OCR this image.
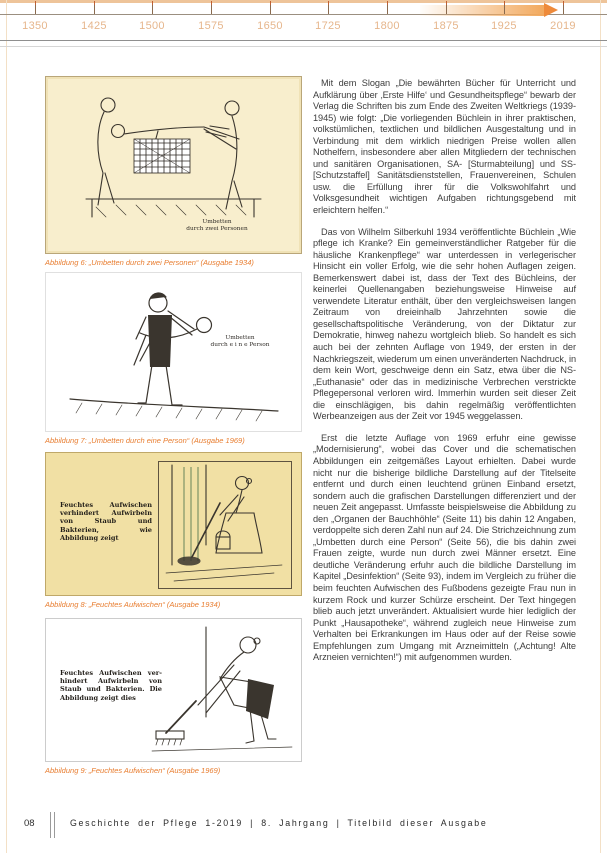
1350	1425	1500	1575	1650	1725	1800	1875	1925	2019
Umbetten
durch zwei Personen
Abbildung 6: „Umbetten durch zwei Personen“ (Ausgabe 1934)
Umbetten
durch e i n e Person
Abbildung 7: „Umbetten durch eine Person“ (Ausgabe 1969)
Feuchtes Aufwischen verhindert Aufwirbeln von Staub und Bakterien, wie Abbildung zeigt
Abbildung 8: „Feuchtes Aufwischen“ (Ausgabe 1934)
Feuchtes Aufwischen verhindert Aufwirbeln von Staub und Bakterien. Die Abbildung zeigt dies
Abbildung 9: „Feuchtes Aufwischen“ (Ausgabe 1969)

Mit dem Slogan „Die bewährten Bücher für Unterricht und Aufklärung über ‚Erste Hilfe‘ und Gesundheitspflege“ bewarb der Verlag die Schriften bis zum Ende des Zweiten Weltkriegs (1939-1945) wie folgt: „Die vorliegenden Büchlein in ihrer praktischen, volkstümlichen, textlichen und bildlichen Ausgestaltung und in Verbindung mit dem wirklich niedrigen Preise wollen allen Nothelfern, insbesondere aber allen Mitgliedern der technischen und sanitären Organisationen, SA- [Sturmabteilung] und SS- [Schutzstaffel] Sanitätsdienststellen, Frauenvereinen, Schulen usw. die Erfüllung ihrer für die Volkswohlfahrt und Volksgesundheit wichtigen Aufgaben richtungsgebend mit erleichtern helfen.“

Das von Wilhelm Silberkuhl 1934 veröffentlichte Büchlein „Wie pflege ich Kranke? Ein gemeinverständlicher Ratgeber für die häusliche Krankenpflege“ war unterdessen in verlegerischer Hinsicht ein voller Erfolg, wie die sehr hohen Auflagen zeigen. Bemerkenswert dabei ist, dass der Text des Büchleins, der keinerlei Quellenangaben beziehungsweise Hinweise auf verwendete Literatur enthält, über den vergleichsweisen langen Zeitraum von dreieinhalb Jahrzehnten sowie die gesellschaftspolitische Veränderung, von der Diktatur zur Demokratie, hinweg nahezu wortgleich blieb. So handelt es sich auch bei der zehnten Auflage von 1949, der ersten in der Nachkriegszeit, wiederum um einen unveränderten Nachdruck, in dem kein Wort, geschweige denn ein Satz, etwa über die NS-„Euthanasie“ oder das in medizinische Verbrechen verstrickte Pflegepersonal verloren wird. Immerhin wurden seit dieser Zeit die einschlägigen, bis dahin regelmäßig veröffentlichten Werbeanzeigen aus der Zeit vor 1945 weggelassen.

Erst die letzte Auflage von 1969 erfuhr eine gewisse „Modernisierung“, wobei das Cover und die schematischen Abbildungen ein zeitgemäßes Layout erhielten. Dabei wurde nicht nur die bisherige bildliche Darstellung auf der Titelseite entfernt und durch einen leuchtend grünen Einband ersetzt, sondern auch die grafischen Darstellungen differenziert und der neuen Zeit angepasst. Umfasste beispielsweise die Abbildung zu den „Organen der Bauchhöhle“ (Seite 11) bis dahin 12 Angaben, verdoppelte sich deren Zahl nun auf 24. Die Strichzeichnung zum „Umbetten durch eine Person“ (Seite 56), die bis dahin zwei Frauen zeigte, wurde nun durch zwei Männer ersetzt. Eine deutliche Veränderung erfuhr auch die bildliche Darstellung im Kapitel „Desinfektion“ (Seite 93), indem im Vergleich zu früher die beim feuchten Aufwischen des Fußbodens gezeigte Frau nun in kurzem Rock und kurzer Schürze erscheint. Der Text hingegen blieb auch jetzt unverändert. Aktualisiert wurde hier lediglich der Punkt „Hausapotheke“, während zugleich neue Hinweise zum Verhalten bei Erkrankungen im Haus oder auf der Reise sowie Empfehlungen zum Umgang mit Arzneimitteln („Achtung! Alte Arzneien vernichten!“) mit aufgenommen wurden.

08	Geschichte der Pflege 1-2019 | 8. Jahrgang | Titelbild dieser Ausgabe
